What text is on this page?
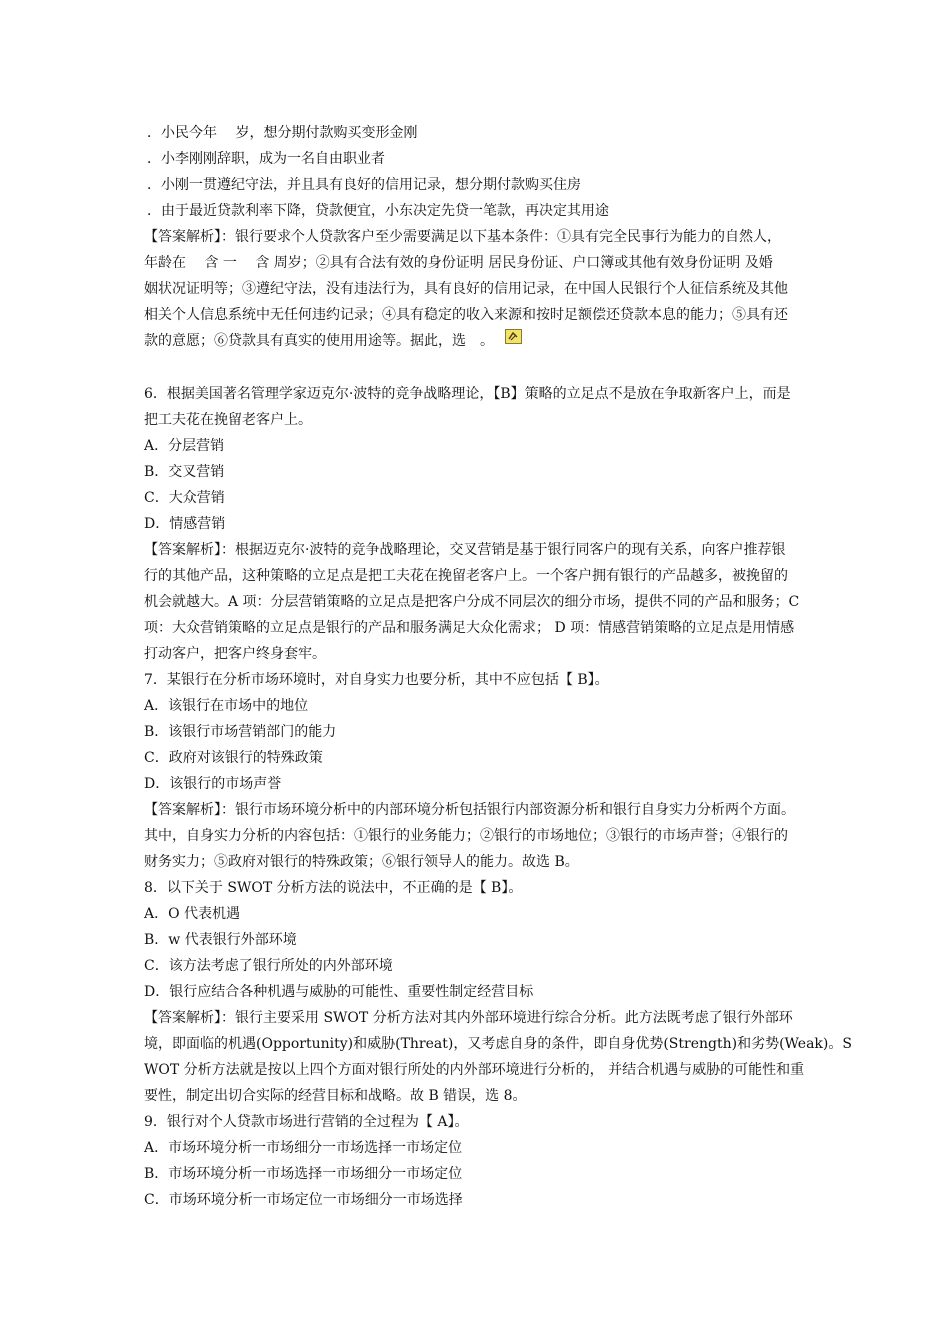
．小民今年　 岁，想分期付款购买变形金刚
．小李刚刚辞职，成为一名自由职业者
．小刚一贯遵纪守法，并且具有良好的信用记录，想分期付款购买住房
．由于最近贷款利率下降，贷款便宜，小东决定先贷一笔款，再决定其用途
【答案解析】：银行要求个人贷款客户至少需要满足以下基本条件：①具有完全民事行为能力的自然人，
年龄在　 含 一　 含 周岁；②具有合法有效的身份证明 居民身份证、户口簿或其他有效身份证明 及婚
姻状况证明等；③遵纪守法，没有违法行为，具有良好的信用记录，在中国人民银行个人征信系统及其他
相关个人信息系统中无任何违约记录；④具有稳定的收入来源和按时足额偿还贷款本息的能力；⑤具有还
款的意愿；⑥贷款具有真实的使用用途等。据此，选　。
6．根据美国著名管理学家迈克尔·波特的竞争战略理论，【B】策略的立足点不是放在争取新客户上，而是
把工夫花在挽留老客户上。
A．分层营销
B．交叉营销
C．大众营销
D．情感营销
【答案解析】：根据迈克尔·波特的竞争战略理论，交叉营销是基于银行同客户的现有关系，向客户推荐银
行的其他产品，这种策略的立足点是把工夫花在挽留老客户上。一个客户拥有银行的产品越多，被挽留的
机会就越大。A 项：分层营销策略的立足点是把客户分成不同层次的细分市场，提供不同的产品和服务；C
项：大众营销策略的立足点是银行的产品和服务满足大众化需求； D 项：情感营销策略的立足点是用情感
打动客户，把客户终身套牢。
7．某银行在分析市场环境时，对自身实力也要分析，其中不应包括【 B】。
A．该银行在市场中的地位
B．该银行市场营销部门的能力
C．政府对该银行的特殊政策
D．该银行的市场声誉
【答案解析】：银行市场环境分析中的内部环境分析包括银行内部资源分析和银行自身实力分析两个方面。
其中，自身实力分析的内容包括：①银行的业务能力；②银行的市场地位；③银行的市场声誉；④银行的
财务实力；⑤政府对银行的特殊政策；⑥银行领导人的能力。故选 B。
8．以下关于 SWOT 分析方法的说法中，不正确的是【 B】。
A．O 代表机遇
B．w 代表银行外部环境
C．该方法考虑了银行所处的内外部环境
D．银行应结合各种机遇与威胁的可能性、重要性制定经营目标
【答案解析】：银行主要采用 SWOT 分析方法对其内外部环境进行综合分析。此方法既考虑了银行外部环
境，即面临的机遇(Opportunity)和威胁(Threat)，又考虑自身的条件，即自身优势(Strength)和劣势(Weak)。S
WOT 分析方法就是按以上四个方面对银行所处的内外部环境进行分析的， 并结合机遇与威胁的可能性和重
要性，制定出切合实际的经营目标和战略。故 B 错误，选 8。
9．银行对个人贷款市场进行营销的全过程为【 A】。
A．市场环境分析一市场细分一市场选择一市场定位
B．市场环境分析一市场选择一市场细分一市场定位
C．市场环境分析一市场定位一市场细分一市场选择
